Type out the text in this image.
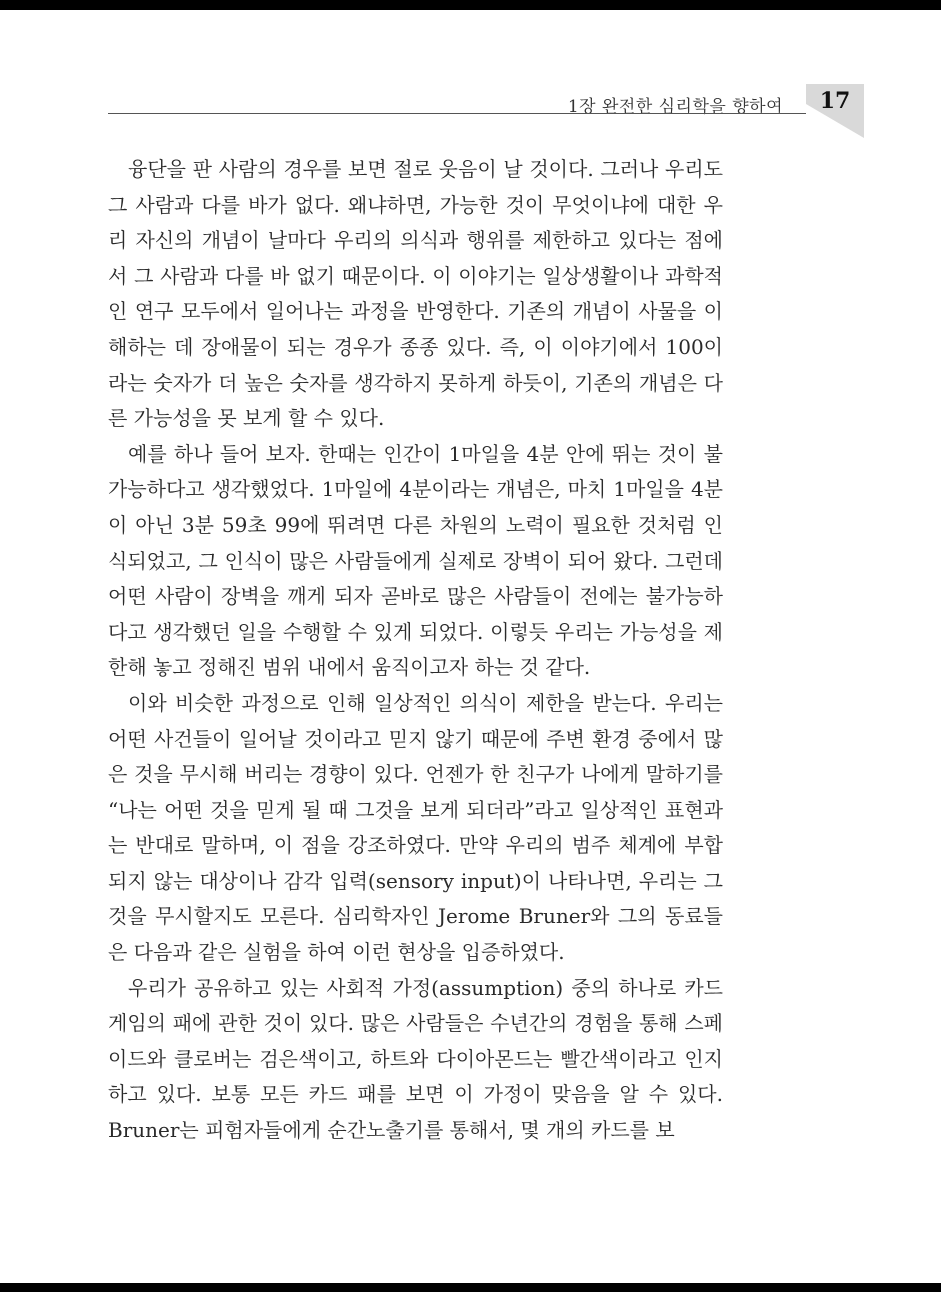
1장 완전한 심리학을 향하여	17

융단을 판 사람의 경우를 보면 절로 웃음이 날 것이다. 그러나 우리도 그 사람과 다를 바가 없다. 왜냐하면, 가능한 것이 무엇이냐에 대한 우리 자신의 개념이 날마다 우리의 의식과 행위를 제한하고 있다는 점에서 그 사람과 다를 바 없기 때문이다. 이 이야기는 일상생활이나 과학적인 연구 모두에서 일어나는 과정을 반영한다. 기존의 개념이 사물을 이해하는 데 장애물이 되는 경우가 종종 있다. 즉, 이 이야기에서 100이라는 숫자가 더 높은 숫자를 생각하지 못하게 하듯이, 기존의 개념은 다른 가능성을 못 보게 할 수 있다.

예를 하나 들어 보자. 한때는 인간이 1마일을 4분 안에 뛰는 것이 불가능하다고 생각했었다. 1마일에 4분이라는 개념은, 마치 1마일을 4분이 아닌 3분 59초 99에 뛰려면 다른 차원의 노력이 필요한 것처럼 인식되었고, 그 인식이 많은 사람들에게 실제로 장벽이 되어 왔다. 그런데 어떤 사람이 장벽을 깨게 되자 곧바로 많은 사람들이 전에는 불가능하다고 생각했던 일을 수행할 수 있게 되었다. 이렇듯 우리는 가능성을 제한해 놓고 정해진 범위 내에서 움직이고자 하는 것 같다.

이와 비슷한 과정으로 인해 일상적인 의식이 제한을 받는다. 우리는 어떤 사건들이 일어날 것이라고 믿지 않기 때문에 주변 환경 중에서 많은 것을 무시해 버리는 경향이 있다. 언젠가 한 친구가 나에게 말하기를 “나는 어떤 것을 믿게 될 때 그것을 보게 되더라”라고 일상적인 표현과는 반대로 말하며, 이 점을 강조하였다. 만약 우리의 범주 체계에 부합되지 않는 대상이나 감각 입력(sensory input)이 나타나면, 우리는 그것을 무시할지도 모른다. 심리학자인 Jerome Bruner와 그의 동료들은 다음과 같은 실험을 하여 이런 현상을 입증하였다.

우리가 공유하고 있는 사회적 가정(assumption) 중의 하나로 카드 게임의 패에 관한 것이 있다. 많은 사람들은 수년간의 경험을 통해 스페이드와 클로버는 검은색이고, 하트와 다이아몬드는 빨간색이라고 인지하고 있다. 보통 모든 카드 패를 보면 이 가정이 맞음을 알 수 있다. Bruner는 피험자들에게 순간노출기를 통해서, 몇 개의 카드를 보
